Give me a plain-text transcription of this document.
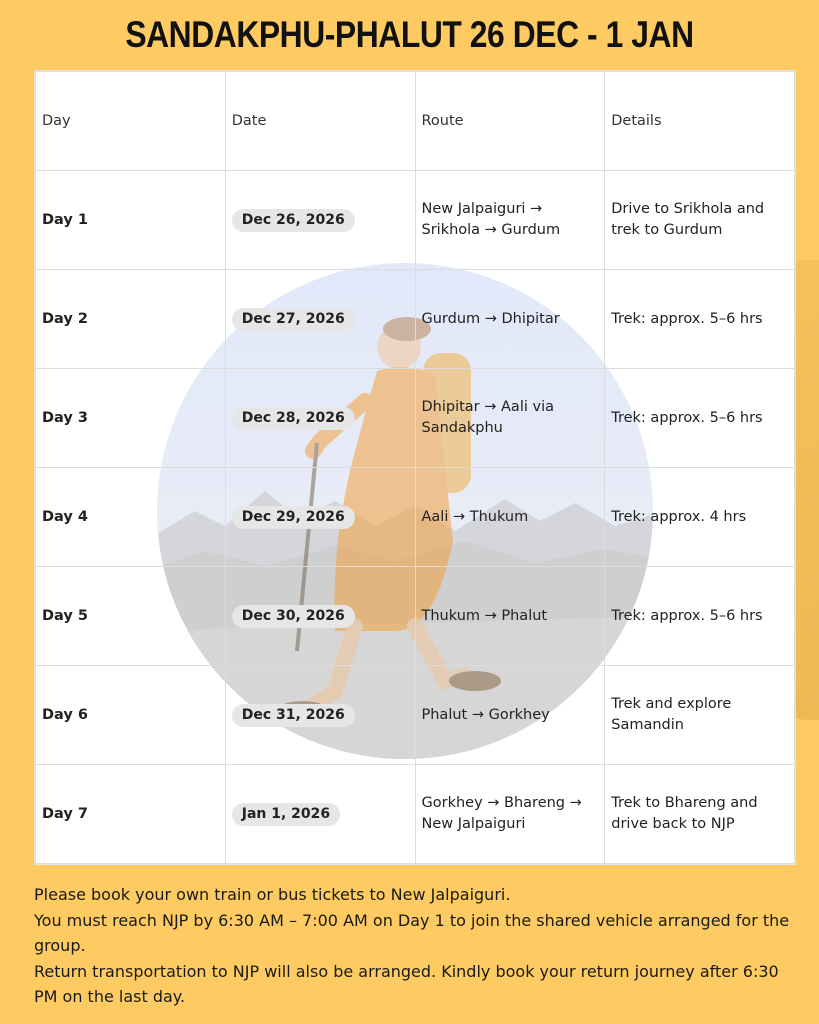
SANDAKPHU-PHALUT 26 DEC - 1 JAN
Day	Date	Route	Details
Day 1	Dec 26, 2026	New Jalpaiguri → Srikhola → Gurdum	Drive to Srikhola and trek to Gurdum
Day 2	Dec 27, 2026	Gurdum → Dhipitar	Trek: approx. 5–6 hrs
Day 3	Dec 28, 2026	Dhipitar → Aali via Sandakphu	Trek: approx. 5–6 hrs
Day 4	Dec 29, 2026	Aali → Thukum	Trek: approx. 4 hrs
Day 5	Dec 30, 2026	Thukum → Phalut	Trek: approx. 5–6 hrs
Day 6	Dec 31, 2026	Phalut → Gorkhey	Trek and explore Samandin
Day 7	Jan 1, 2026	Gorkhey → Bhareng → New Jalpaiguri	Trek to Bhareng and drive back to NJP

Please book your own train or bus tickets to New Jalpaiguri.

You must reach NJP by 6:30 AM – 7:00 AM on Day 1 to join the shared vehicle arranged for the group.

Return transportation to NJP will also be arranged. Kindly book your return journey after 6:30 PM on the last day.
